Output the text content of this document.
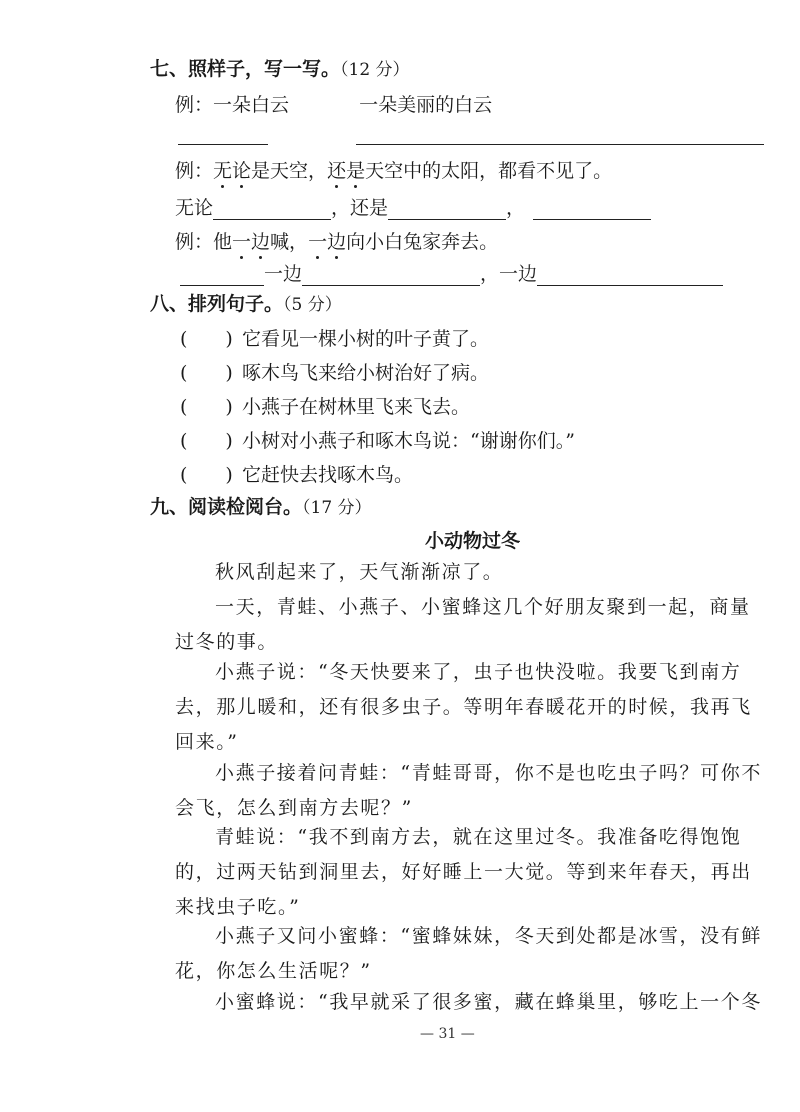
七、照样子，写一写。（12 分）
例：一朵白云	一朵美丽的白云
例：无论是天空，还是天空中的太阳，都看不见了。
无论	，还是	，
例：他一边喊，一边向小白兔家奔去。
一边	，一边
八、排列句子。（5 分）
( ) 它看见一棵小树的叶子黄了。
( ) 啄木鸟飞来给小树治好了病。
( ) 小燕子在树林里飞来飞去。
( ) 小树对小燕子和啄木鸟说：“谢谢你们。”
( ) 它赶快去找啄木鸟。
九、阅读检阅台。（17 分）
小动物过冬
秋风刮起来了，天气渐渐凉了。
一天，青蛙、小燕子、小蜜蜂这几个好朋友聚到一起，商量过冬的事。
小燕子说：“冬天快要来了，虫子也快没啦。我要飞到南方去，那儿暖和，还有很多虫子。等明年春暖花开的时候，我再飞回来。”
小燕子接着问青蛙：“青蛙哥哥，你不是也吃虫子吗？可你不会飞，怎么到南方去呢？”
青蛙说：“我不到南方去，就在这里过冬。我准备吃得饱饱的，过两天钻到洞里去，好好睡上一大觉。等到来年春天，再出来找虫子吃。”
小燕子又问小蜜蜂：“蜜蜂妹妹，冬天到处都是冰雪，没有鲜花，你怎么生活呢？”
小蜜蜂说：“我早就采了很多蜜，藏在蜂巢里，够吃上一个冬
— 31 —
